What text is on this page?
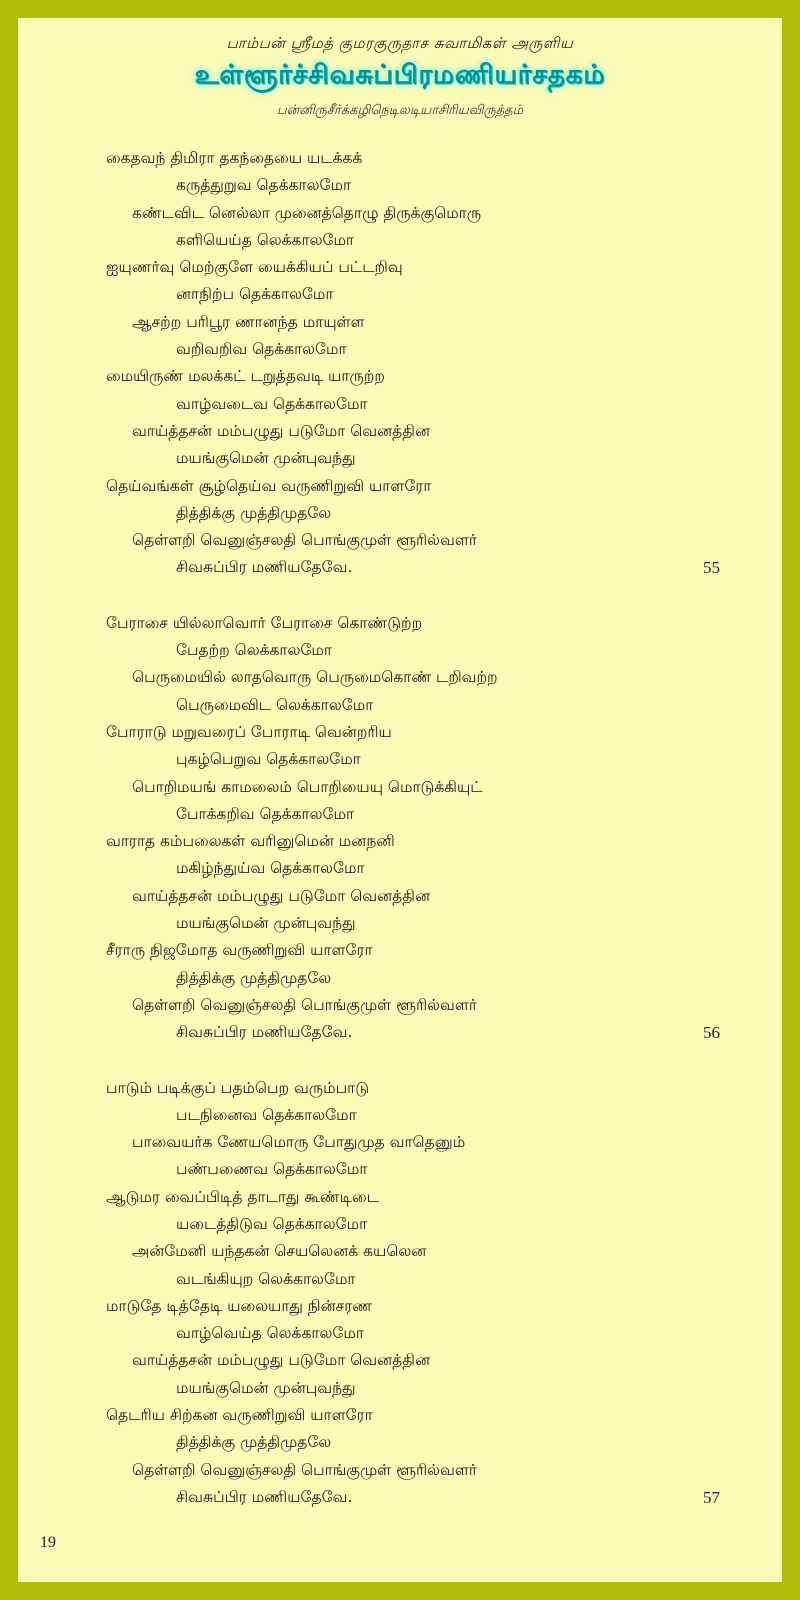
பாம்பன் ஸ்ரீமத் குமரகுருதாச சுவாமிகள் அருளிய
உள்ளூர்ச்சிவசுப்பிரமணியர்சதகம்
பன்னிருசீர்க்கழிநெடிலடியாசிரியவிருத்தம்
கைதவந் திமிரா தகந்தையை யடக்கக்
கருத்துறுவ தெக்காலமோ
கண்டவிட னெல்லா முனைத்தொழு திருக்குமொரு
களியெய்த லெக்காலமோ
ஐயுணர்வு மெற்குளே யைக்கியப் பட்டறிவு
னாநிற்ப தெக்காலமோ
ஆசற்ற பரிபூர ணானந்த மாயுள்ள
வறிவறிவ தெக்காலமோ
மையிருண் மலக்கட் டறுத்தவடி யாருற்ற
வாழ்வடைவ தெக்காலமோ
வாய்த்தசன் மம்பழுது படுமோ வெனத்தின
மயங்குமென் முன்புவந்து
தெய்வங்கள் சூழ்தெய்வ வருணிறுவி யாளரோ
தித்திக்கு முத்திமுதலே
தெள்ளறி வெனுஞ்சலதி பொங்குமுள் ளூரில்வளர்
சிவசுப்பிர மணியதேவே.	55
பேராசை யில்லாவொர் பேராசை கொண்டுற்ற
பேதற்ற லெக்காலமோ
பெருமையில் லாதவொரு பெருமைகொண் டறிவற்ற
பெருமைவிட லெக்காலமோ
போராடு மறுவரைப் போராடி வென்றரிய
புகழ்பெறுவ தெக்காலமோ
பொறிமயங் காமலைம் பொறியையு மொடுக்கியுட்
போக்கறிவ தெக்காலமோ
வாராத கம்பலைகள் வரினுமென் மனநனி
மகிழ்ந்துய்வ தெக்காலமோ
வாய்த்தசன் மம்பழுது படுமோ வெனத்தின
மயங்குமென் முன்புவந்து
சீராரு நிஜமோத வருணிறுவி யாளரோ
தித்திக்கு முத்திமுதலே
தெள்ளறி வெனுஞ்சலதி பொங்குமுள் ளூரில்வளர்
சிவசுப்பிர மணியதேவே.	56
பாடும் படிக்குப் பதம்பெற வரும்பாடு
படநினைவ தெக்காலமோ
பாவையர்க ணேயமொரு போதுமுத வாதெனும்
பண்பணைவ தெக்காலமோ
ஆடுமர வைப்பிடித் தாடாது கூண்டிடை
யடைத்திடுவ தெக்காலமோ
அன்மேனி யந்தகன் செயலெனக் கயலென
வடங்கியுற லெக்காலமோ
மாடுதே டித்தேடி யலையாது நின்சரண
வாழ்வெய்த லெக்காலமோ
வாய்த்தசன் மம்பழுது படுமோ வெனத்தின
மயங்குமென் முன்புவந்து
தெடரிய சிற்கன வருணிறுவி யாளரோ
தித்திக்கு முத்திமுதலே
தெள்ளறி வெனுஞ்சலதி பொங்குமுள் ளூரில்வளர்
சிவசுப்பிர மணியதேவே.	57
19
